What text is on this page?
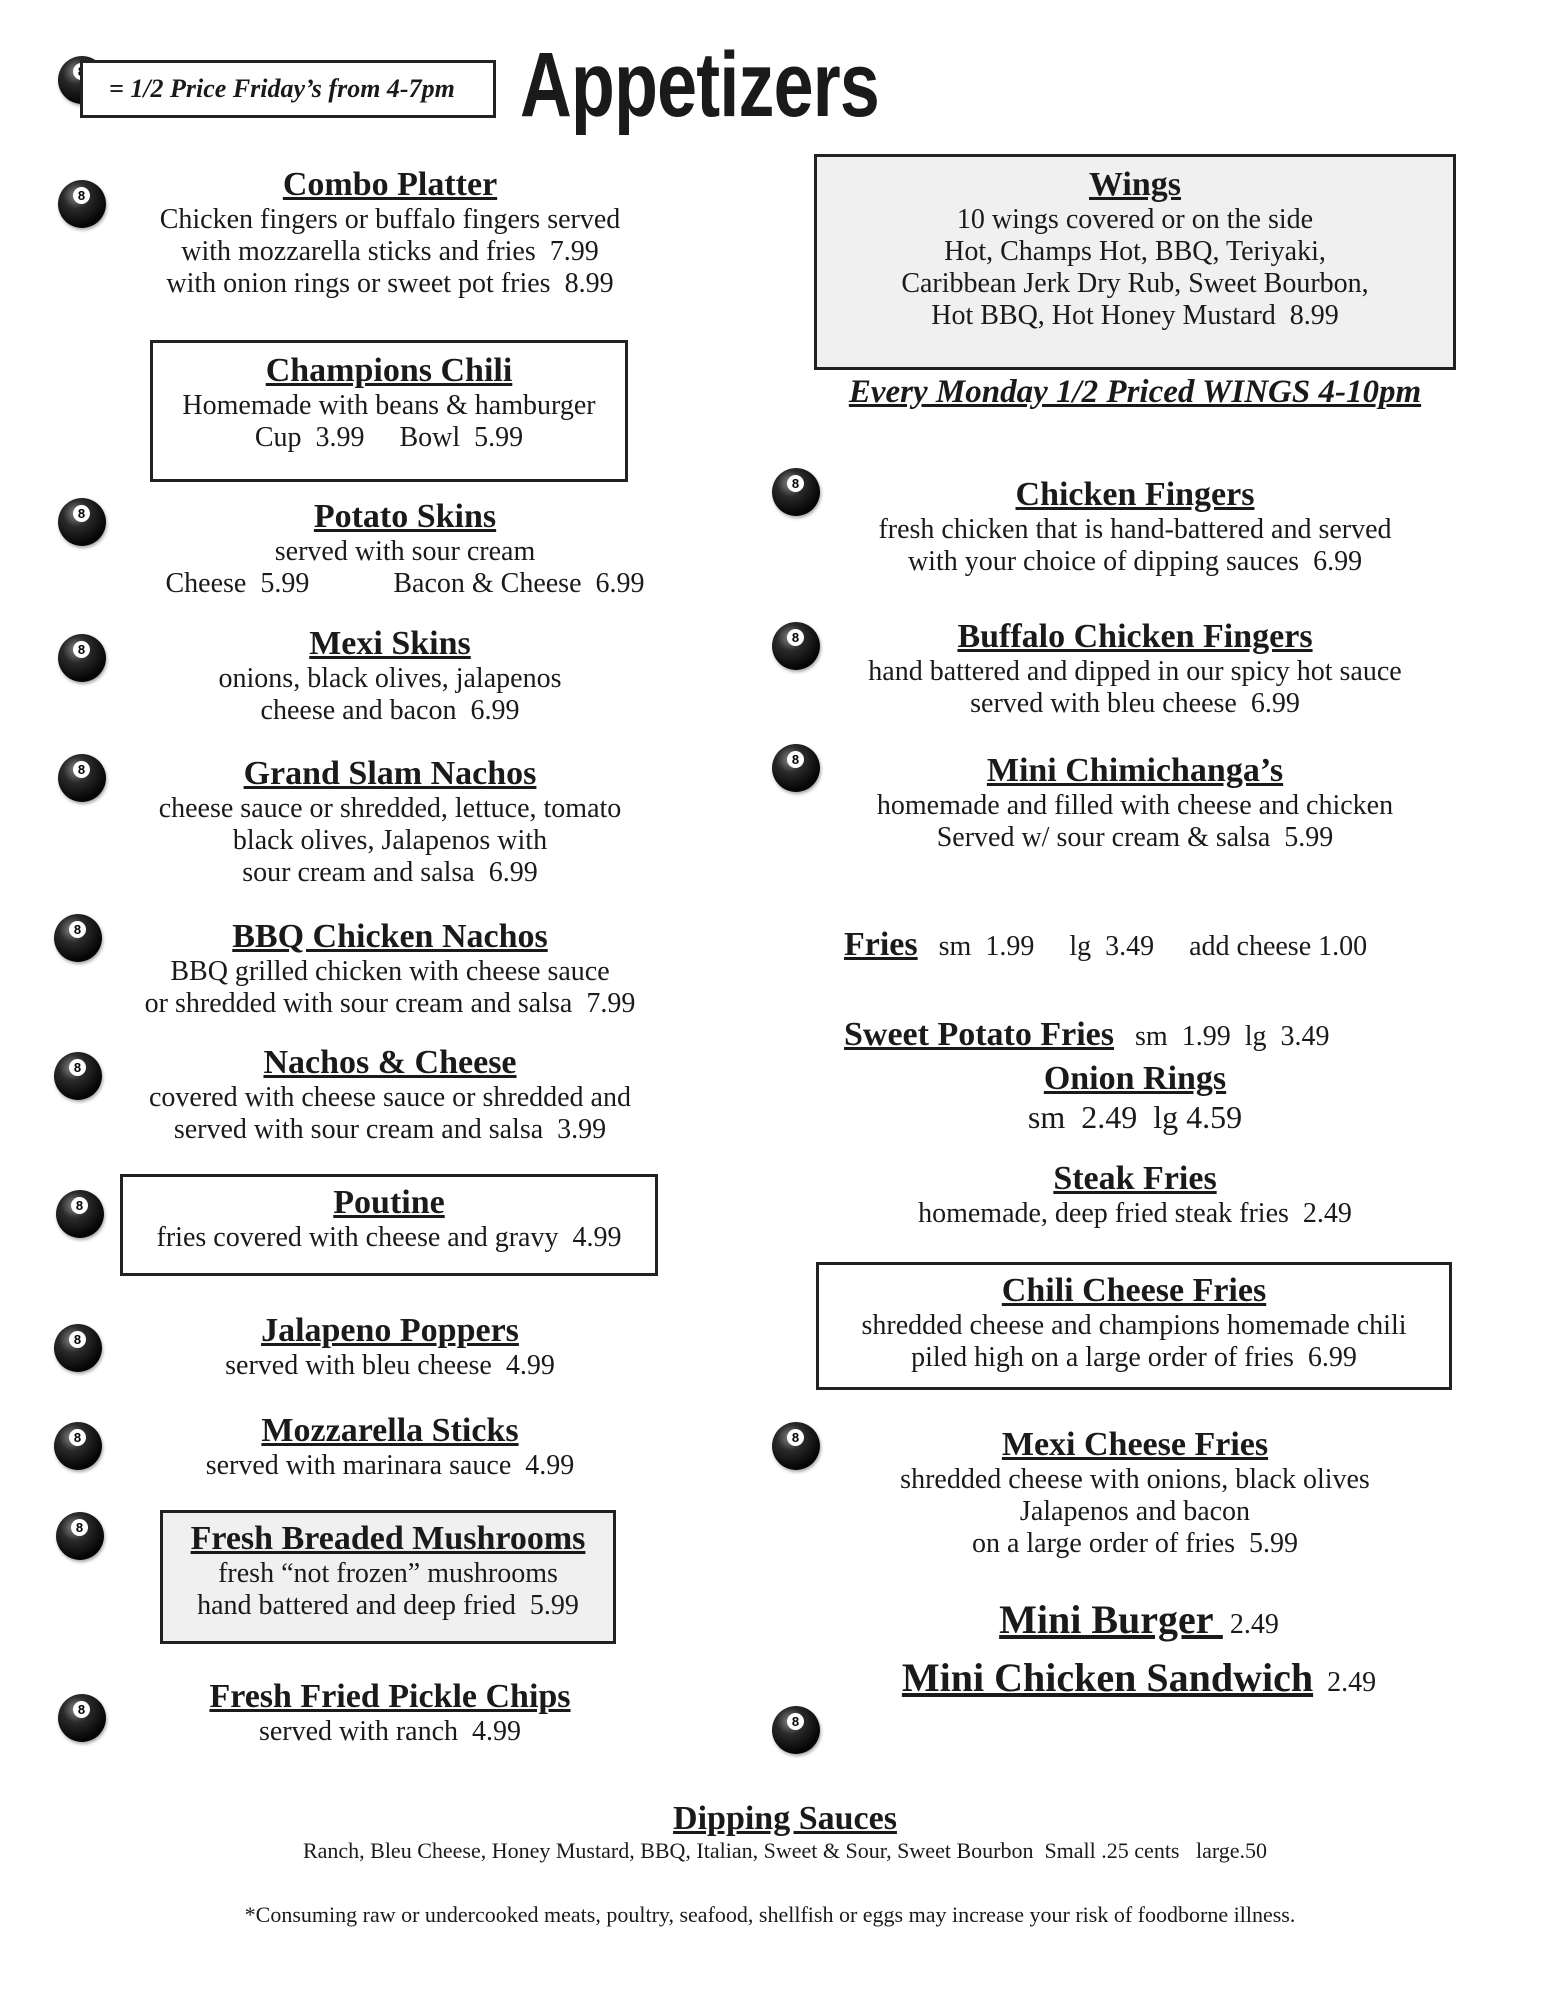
8
= 1/2 Price Friday’s from 4-7pm Appetizers
8
Combo Platter
Chicken fingers or buffalo fingers served
with mozzarella sticks and fries  7.99
with onion rings or sweet pot fries  8.99
Champions Chili
Homemade with beans & hamburger
Cup  3.99     Bowl  5.99
8
Potato Skins
served with sour cream
Cheese  5.99            Bacon & Cheese  6.99
8
Mexi Skins
onions, black olives, jalapenos
cheese and bacon  6.99
8
Grand Slam Nachos
cheese sauce or shredded, lettuce, tomato
black olives, Jalapenos with
sour cream and salsa  6.99
8
BBQ Chicken Nachos
BBQ grilled chicken with cheese sauce
or shredded with sour cream and salsa  7.99
8
Nachos & Cheese
covered with cheese sauce or shredded and
served with sour cream and salsa  3.99
8
Poutine
fries covered with cheese and gravy  4.99
8
Jalapeno Poppers
served with bleu cheese  4.99
8
Mozzarella Sticks
served with marinara sauce  4.99
8
Fresh Breaded Mushrooms
fresh “not frozen” mushrooms
hand battered and deep fried  5.99
8
Fresh Fried Pickle Chips
served with ranch  4.99
Wings
10 wings covered or on the side
Hot, Champs Hot, BBQ, Teriyaki,
Caribbean Jerk Dry Rub, Sweet Bourbon,
Hot BBQ, Hot Honey Mustard  8.99
Every Monday 1/2 Priced WINGS 4-10pm
8
Chicken Fingers
fresh chicken that is hand-battered and served
with your choice of dipping sauces  6.99
8
Buffalo Chicken Fingers
hand battered and dipped in our spicy hot sauce
served with bleu cheese  6.99
8
Mini Chimichanga’s
homemade and filled with cheese and chicken
Served w/ sour cream & salsa  5.99

Fries   sm  1.99     lg  3.49     add cheese 1.00

Sweet Potato Fries   sm  1.99  lg  3.49

Onion Rings
sm  2.49  lg 4.59
Steak Fries
homemade, deep fried steak fries  2.49
Chili Cheese Fries
shredded cheese and champions homemade chili
piled high on a large order of fries  6.99
8
Mexi Cheese Fries
shredded cheese with onions, black olives
Jalapenos and bacon
on a large order of fries  5.99

Mini Burger  2.49

Mini Chicken Sandwich  2.49

8
Dipping Sauces
Ranch, Bleu Cheese, Honey Mustard, BBQ, Italian, Sweet & Sour, Sweet Bourbon  Small .25 cents   large.50
*Consuming raw or undercooked meats, poultry, seafood, shellfish or eggs may increase your risk of foodborne illness.
